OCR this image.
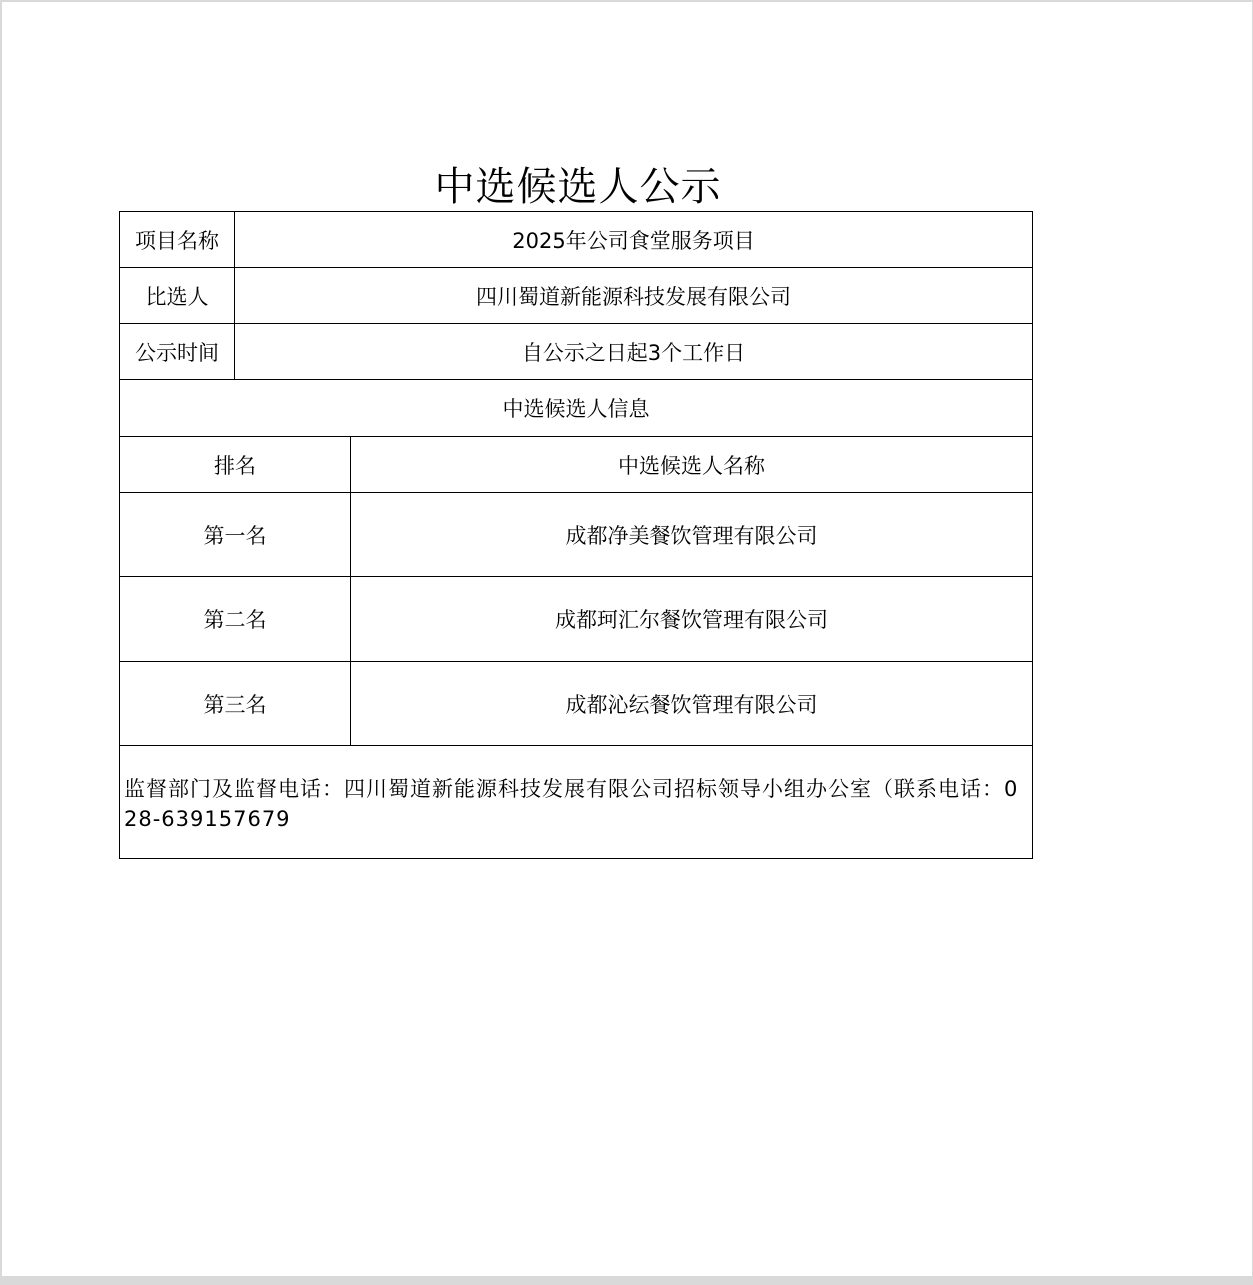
中选候选人公示
项目名称	2025年公司食堂服务项目
比选人	四川蜀道新能源科技发展有限公司
公示时间	自公示之日起3个工作日
中选候选人信息
排名	中选候选人名称
第一名	成都净美餐饮管理有限公司
第二名	成都珂汇尔餐饮管理有限公司
第三名	成都沁纭餐饮管理有限公司
监督部门及监督电话：四川蜀道新能源科技发展有限公司招标领导小组办公室（联系电话：028-639157679
